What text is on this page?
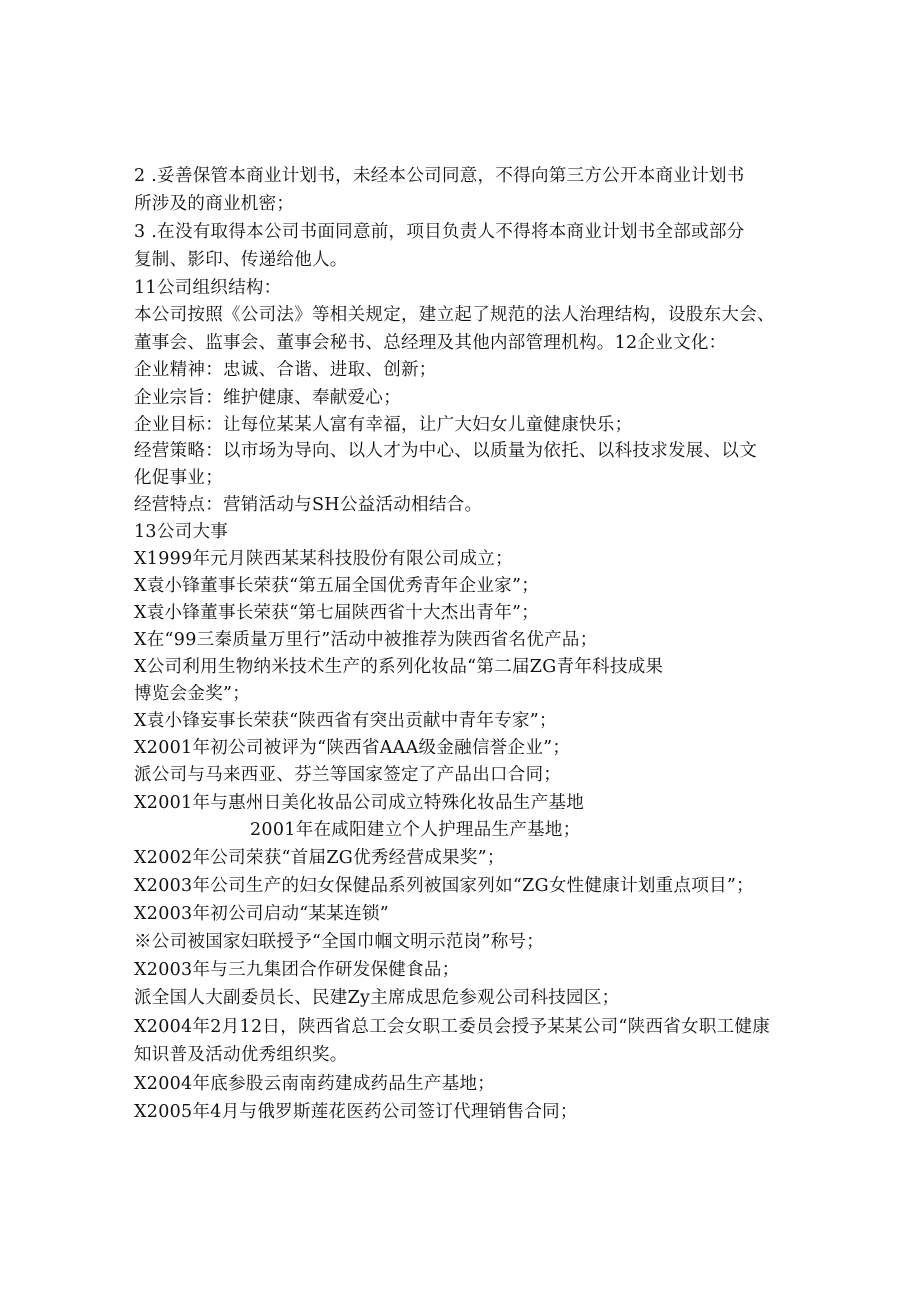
2 .妥善保管本商业计划书，未经本公司同意，不得向第三方公开本商业计划书
所涉及的商业机密；
3 .在没有取得本公司书面同意前，项目负责人不得将本商业计划书全部或部分
复制、影印、传递给他人。
11公司组织结构：
本公司按照《公司法》等相关规定，建立起了规范的法人治理结构，设股东大会、
董事会、监事会、董事会秘书、总经理及其他内部管理机构。12企业文化：
企业精神：忠诚、合谐、进取、创新；
企业宗旨：维护健康、奉献爱心；
企业目标：让每位某某人富有幸福，让广大妇女儿童健康快乐；
经营策略：以市场为导向、以人才为中心、以质量为依托、以科技求发展、以文
化促事业；
经营特点：营销活动与SH公益活动相结合。
13公司大事
X1999年元月陕西某某科技股份有限公司成立；
X袁小锋董事长荣获“第五届全国优秀青年企业家”；
X袁小锋董事长荣获“第七届陕西省十大杰出青年”；
X在“99三秦质量万里行”活动中被推荐为陕西省名优产品；
X公司利用生物纳米技术生产的系列化妆品“第二届ZG青年科技成果
博览会金奖”；
X袁小锋妄事长荣获“陕西省有突出贡献中青年专家”；
X2001年初公司被评为“陕西省AAA级金融信誉企业”；
派公司与马来西亚、芬兰等国家签定了产品出口合同；
X2001年与惠州日美化妆品公司成立特殊化妆品生产基地
2001年在咸阳建立个人护理品生产基地；
X2002年公司荣获“首届ZG优秀经营成果奖”；
X2003年公司生产的妇女保健品系列被国家列如“ZG女性健康计划重点项目”；
X2003年初公司启动“某某连锁”
※公司被国家妇联授予“全国巾帼文明示范岗”称号；
X2003年与三九集团合作研发保健食品；
派全国人大副委员长、民建Zy主席成思危参观公司科技园区；
X2004年2月12日，陕西省总工会女职工委员会授予某某公司“陕西省女职工健康
知识普及活动优秀组织奖。
X2004年底参股云南南药建成药品生产基地；
X2005年4月与俄罗斯莲花医药公司签订代理销售合同；
